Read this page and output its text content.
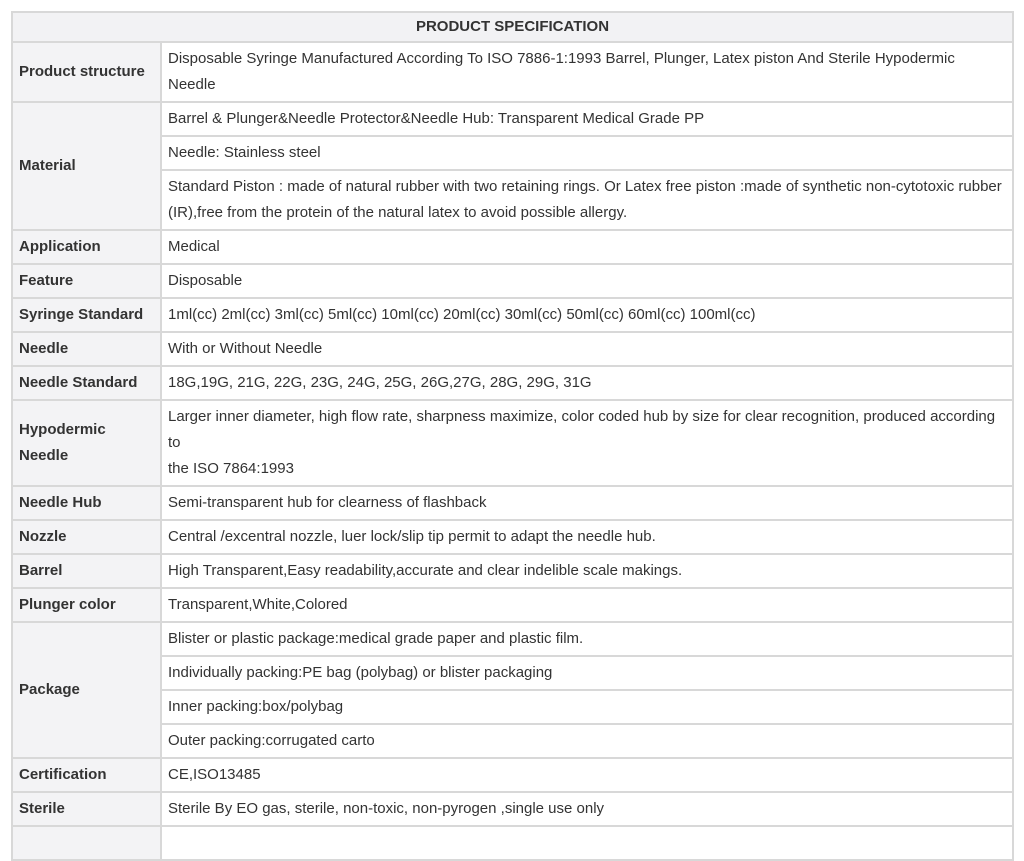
PRODUCT SPECIFICATION	
Product structure	Disposable Syringe Manufactured According To ISO 7886-1:1993 Barrel, Plunger, Latex piston And Sterile Hypodermic Needle

Material	Barrel & Plunger&Needle Protector&Needle Hub: Transparent Medical Grade PP

	Needle: Stainless steel

	Standard Piston : made of natural rubber with two retaining rings. Or Latex free piston :made of synthetic non-cytotoxic rubber
(IR),free from the protein of the natural latex to avoid possible allergy.

Application	Medical

Feature	Disposable

Syringe Standard	1ml(cc) 2ml(cc) 3ml(cc) 5ml(cc) 10ml(cc) 20ml(cc) 30ml(cc) 50ml(cc) 60ml(cc) 100ml(cc)

Needle	With or Without Needle

Needle Standard	18G,19G, 21G, 22G, 23G, 24G, 25G, 26G,27G, 28G, 29G, 31G

Hypodermic Needle	Larger inner diameter, high flow rate, sharpness maximize, color coded hub by size for clear recognition, produced according to
the ISO 7864:1993

Needle Hub	Semi-transparent hub for clearness of flashback

Nozzle	Central /excentral nozzle, luer lock/slip tip permit to adapt the needle hub.

Barrel	High Transparent,Easy readability,accurate and clear indelible scale makings.

Plunger color	Transparent,White,Colored

Package	Blister or plastic package:medical grade paper and plastic film.

	Individually packing:PE bag (polybag) or blister packaging

	Inner packing:box/polybag

	Outer packing:corrugated carto

Certification	CE,ISO13485

Sterile	Sterile By EO gas, sterile, non-toxic, non-pyrogen ,single use only
